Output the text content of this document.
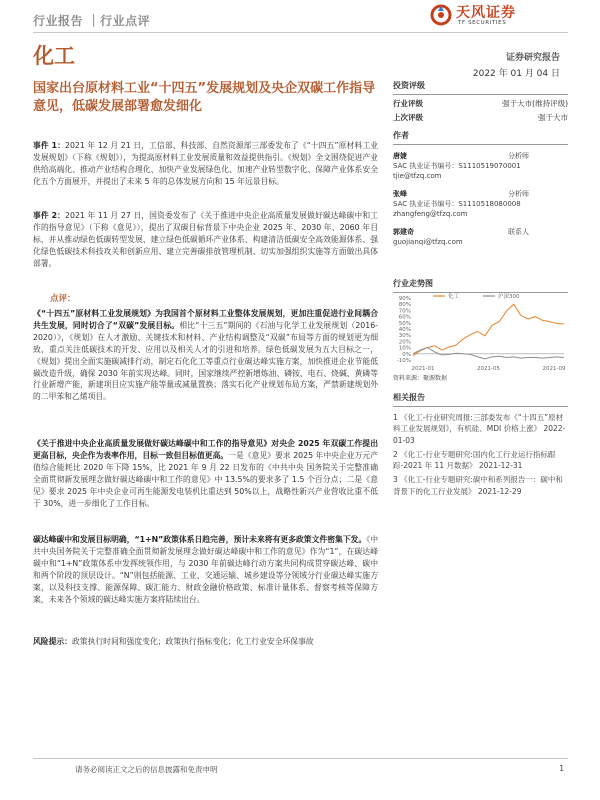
行业报告 ｜行业点评	天风证券
TF SECURITIES
化工	证券研究报告
2022 年 01 月 04 日
国家出台原材料工业“十四五”发展规划及央企双碳工作指导意见，低碳发展部署愈发细化
事件 1：2021 年 12 月 21 日，工信部、科技部、自然资源部三部委发布了《“十四五”原材料工业发展规划》（下称《规划》），为提高原材料工业发展质量和效益提供指引。《规划》全文围绕促进产业供给高端化、推动产业结构合理化、加快产业发展绿色化、加速产业转型数字化、保障产业体系安全化五个方面展开，并提出了未来 5 年的总体发展方向和 15 年远景目标。
事件 2：2021 年 11 月 27 日，国资委发布了《关于推进中央企业高质量发展做好碳达峰碳中和工作的指导意见》（下称《意见》），提出了双碳目标背景下中央企业 2025 年、2030 年、2060 年目标，并从推动绿色低碳转型发展、建立绿色低碳循环产业体系、构建清洁低碳安全高效能源体系、强化绿色低碳技术科技攻关和创新应用、建立完善碳排放管理机制、切实加强组织实施等方面做出具体部署。
点评：
《“十四五”原材料工业发展规划》为我国首个原材料工业整体发展规划，更加注重促进行业间耦合共生发展，同时切合了“双碳”发展目标。相比“十三五”期间的《石油与化学工业发展规划（2016-2020）》，《规划》在人才激励、关键技术和材料、产业结构调整及“双碳”布局等方面的规划更为细致，重点关注低碳技术的开发、应用以及相关人才的引进和培养。绿色低碳发展为五大目标之一，《规划》提出全面实施碳减排行动，制定石化化工等重点行业碳达峰实施方案，加快推进企业节能低碳改造升级，确保 2030 年前实现达峰。同时，国家继续严控新增炼油、磷铵、电石、烧碱、黄磷等行业新增产能，新建项目应实施产能等量或减量置换；落实石化产业规划布局方案，严禁新建规划外的二甲苯和乙烯项目。
《关于推进中央企业高质量发展做好碳达峰碳中和工作的指导意见》对央企 2025 年双碳工作提出更高目标，央企作为表率作用，目标一致但目标值更高。一是《意见》要求 2025 年中央企业万元产值综合能耗比 2020 年下降 15%，比 2021 年 9 月 22 日发布的《中共中央 国务院关于完整准确全面贯彻新发展理念做好碳达峰碳中和工作的意见》中 13.5%的要求多了 1.5 个百分点；二是《意见》要求 2025 年中央企业可再生能源发电装机比重达到 50%以上，战略性新兴产业营收比重不低于 30%，进一步细化了工作目标。
碳达峰碳中和发展目标明确，“1+N”政策体系日趋完善，预计未来将有更多政策文件密集下发。《中共中央国务院关于完整准确全面贯彻新发展理念做好碳达峰碳中和工作的意见》作为“1”，在碳达峰碳中和“1+N”政策体系中发挥统领作用，与 2030 年前碳达峰行动方案共同构成贯穿碳达峰、碳中和两个阶段的顶层设计。“N”则包括能源、工业、交通运输、城乡建设等分领域分行业碳达峰实施方案，以及科技支撑、能源保障、碳汇能力、财政金融价格政策、标准计量体系、督察考核等保障方案，未来各个领域的碳达峰实施方案将陆续出台。
风险提示：政策执行时间和强度变化；政策执行指标变化；化工行业安全环保事故
投资评级
行业评级	强于大市(维持评级)
上次评级	强于大市
作者
唐婕	分析师
SAC 执业证书编号：S1110519070001
tjie@tfzq.com
张峰	分析师
SAC 执业证书编号：S1110518080008
zhangfeng@tfzq.com
郭建奇	联系人
guojianqi@tfzq.com
行业走势图
90%
80%
70%
60%
50%
40%
30%
20%
10%
0%
-10%
2021-01	2021-05	2021-09
化工	沪深300
资料来源：聚源数据
相关报告

1 《化工-行业研究周报:三部委发布《“十四五”原材料工业发展规划》，有机硅、MDI 价格上涨》 2022-01-03

2 《化工-行业专题研究:国内化工行业运行指标跟踪-2021 年 11 月数据》 2021-12-31

3 《化工-行业专题研究:碳中和系列报告一：碳中和背景下的化工行业发展》 2021-12-29

请务必阅读正文之后的信息披露和免责申明	1
